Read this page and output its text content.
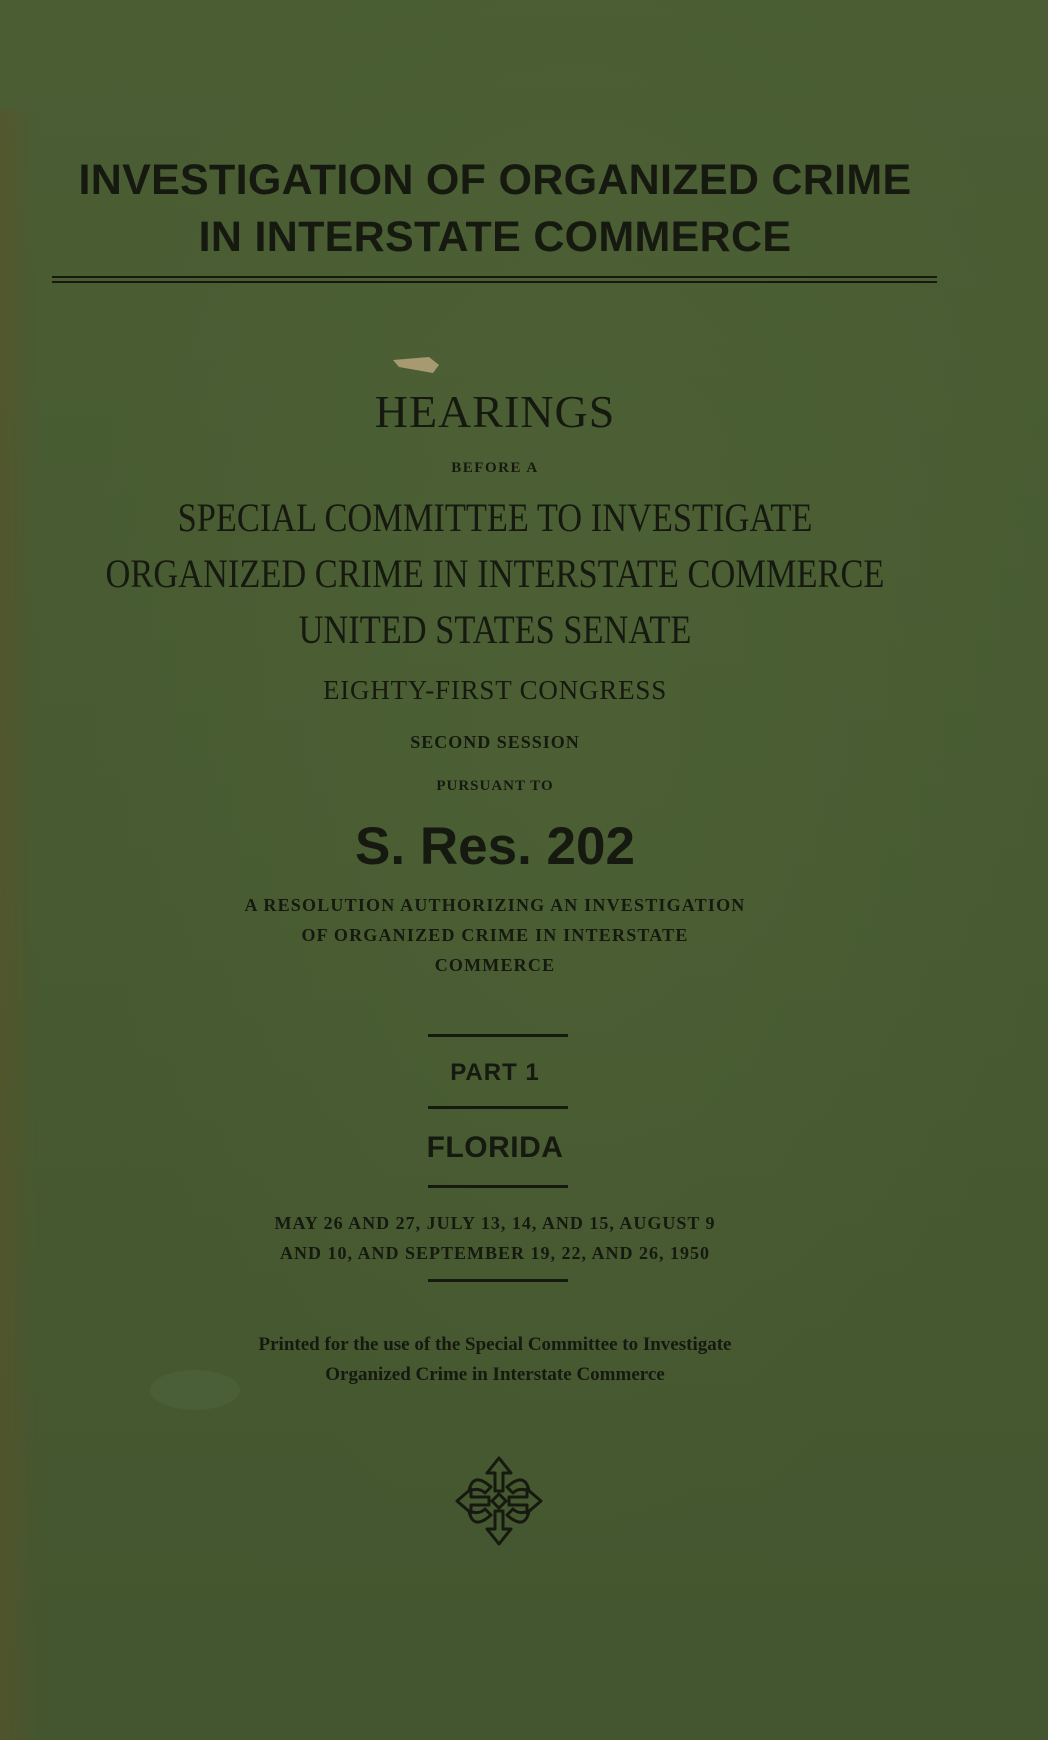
INVESTIGATION OF ORGANIZED CRIME
IN INTERSTATE COMMERCE
HEARINGS
BEFORE A
SPECIAL COMMITTEE TO INVESTIGATE
ORGANIZED CRIME IN INTERSTATE COMMERCE
UNITED STATES SENATE
EIGHTY-FIRST CONGRESS
SECOND SESSION
PURSUANT TO
S. Res. 202
A RESOLUTION AUTHORIZING AN INVESTIGATION
OF ORGANIZED CRIME IN INTERSTATE
COMMERCE
PART 1
FLORIDA
MAY 26 AND 27, JULY 13, 14, AND 15, AUGUST 9
AND 10, AND SEPTEMBER 19, 22, AND 26, 1950
Printed for the use of the Special Committee to Investigate
Organized Crime in Interstate Commerce
